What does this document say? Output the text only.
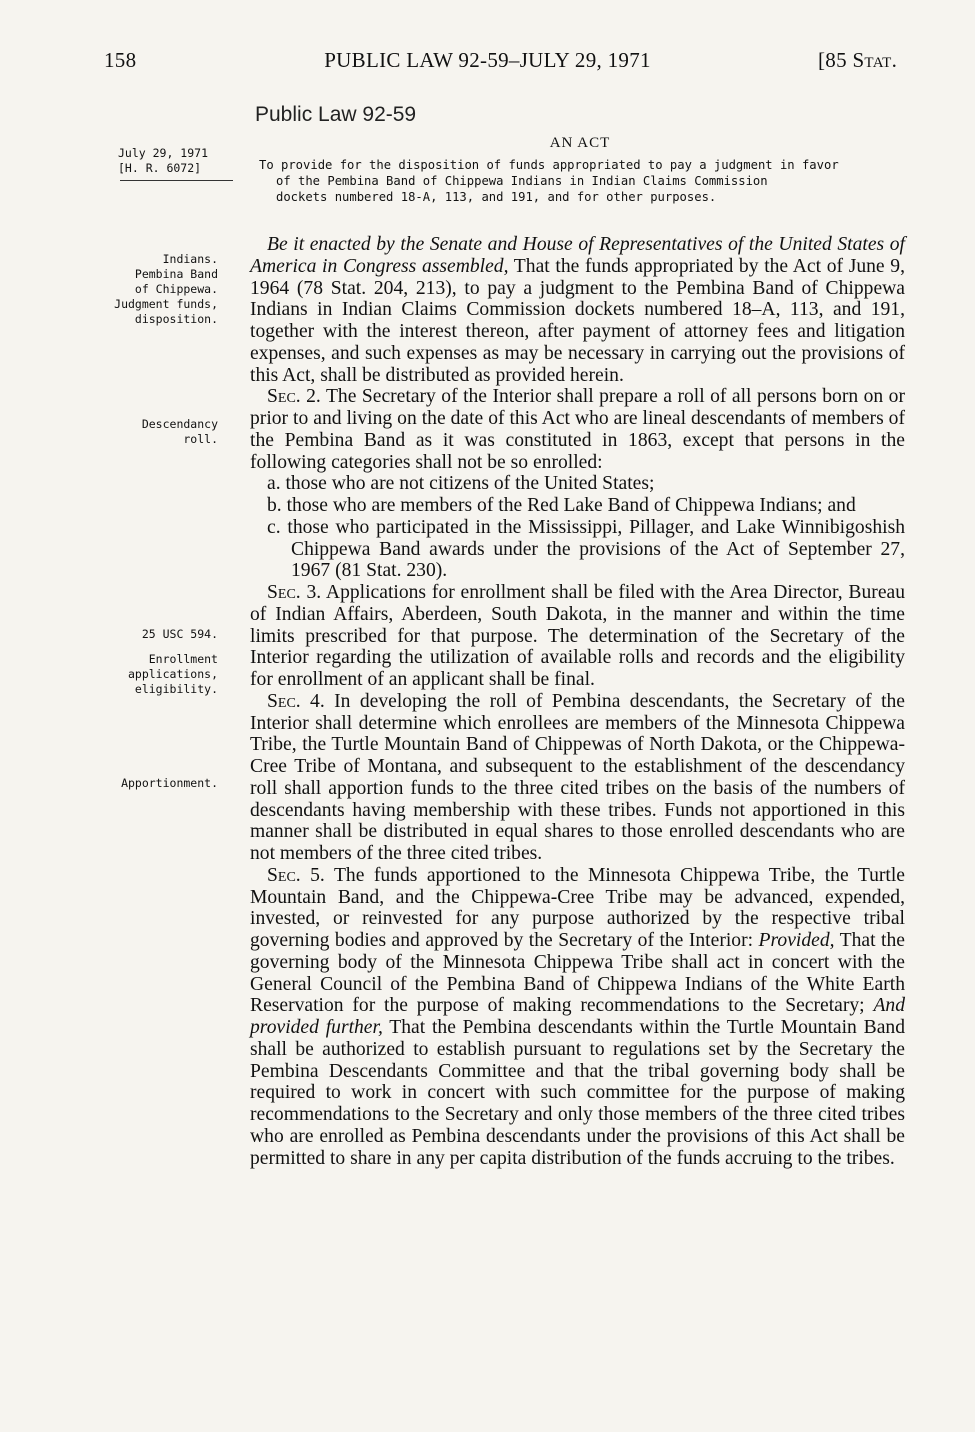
158	PUBLIC LAW 92-59–JULY 29, 1971	[85 Stat.
Public Law 92-59
AN ACT
July 29, 1971
[H. R. 6072]	To provide for the disposition of funds appropriated to pay a judgment in favor
of the Pembina Band of Chippewa Indians in Indian Claims Commission
dockets numbered 18-A, 113, and 191, and for other purposes.
Indians.
Pembina Band
of Chippewa.
Judgment funds,
disposition.
Descendancy
roll.
25 USC 594.
Enrollment
applications,
eligibility.
Apportionment.

Be it enacted by the Senate and House of Representatives of the United States of America in Congress assembled, That the funds appropriated by the Act of June 9, 1964 (78 Stat. 204, 213), to pay a judgment to the Pembina Band of Chippewa Indians in Indian Claims Commission dockets numbered 18–A, 113, and 191, together with the interest thereon, after payment of attorney fees and litigation expenses, and such expenses as may be necessary in carrying out the provisions of this Act, shall be distributed as provided herein.

Sec. 2. The Secretary of the Interior shall prepare a roll of all persons born on or prior to and living on the date of this Act who are lineal descendants of members of the Pembina Band as it was constituted in 1863, except that persons in the following categories shall not be so enrolled:

a. those who are not citizens of the United States;

b. those who are members of the Red Lake Band of Chippewa Indians; and

c. those who participated in the Mississippi, Pillager, and Lake Winnibigoshish Chippewa Band awards under the provisions of the Act of September 27, 1967 (81 Stat. 230).

Sec. 3. Applications for enrollment shall be filed with the Area Director, Bureau of Indian Affairs, Aberdeen, South Dakota, in the manner and within the time limits prescribed for that purpose. The determination of the Secretary of the Interior regarding the utilization of available rolls and records and the eligibility for enrollment of an applicant shall be final.

Sec. 4. In developing the roll of Pembina descendants, the Secretary of the Interior shall determine which enrollees are members of the Minnesota Chippewa Tribe, the Turtle Mountain Band of Chippewas of North Dakota, or the Chippewa-Cree Tribe of Montana, and subsequent to the establishment of the descendancy roll shall apportion funds to the three cited tribes on the basis of the numbers of descendants having membership with these tribes. Funds not apportioned in this manner shall be distributed in equal shares to those enrolled descendants who are not members of the three cited tribes.

Sec. 5. The funds apportioned to the Minnesota Chippewa Tribe, the Turtle Mountain Band, and the Chippewa-Cree Tribe may be advanced, expended, invested, or reinvested for any purpose authorized by the respective tribal governing bodies and approved by the Secretary of the Interior: Provided, That the governing body of the Minnesota Chippewa Tribe shall act in concert with the General Council of the Pembina Band of Chippewa Indians of the White Earth Reservation for the purpose of making recommendations to the Secretary; And provided further, That the Pembina descendants within the Turtle Mountain Band shall be authorized to establish pursuant to regulations set by the Secretary the Pembina Descendants Committee and that the tribal governing body shall be required to work in concert with such committee for the purpose of making recommendations to the Secretary and only those members of the three cited tribes who are enrolled as Pembina descendants under the provisions of this Act shall be permitted to share in any per capita distribution of the funds accruing to the tribes.
